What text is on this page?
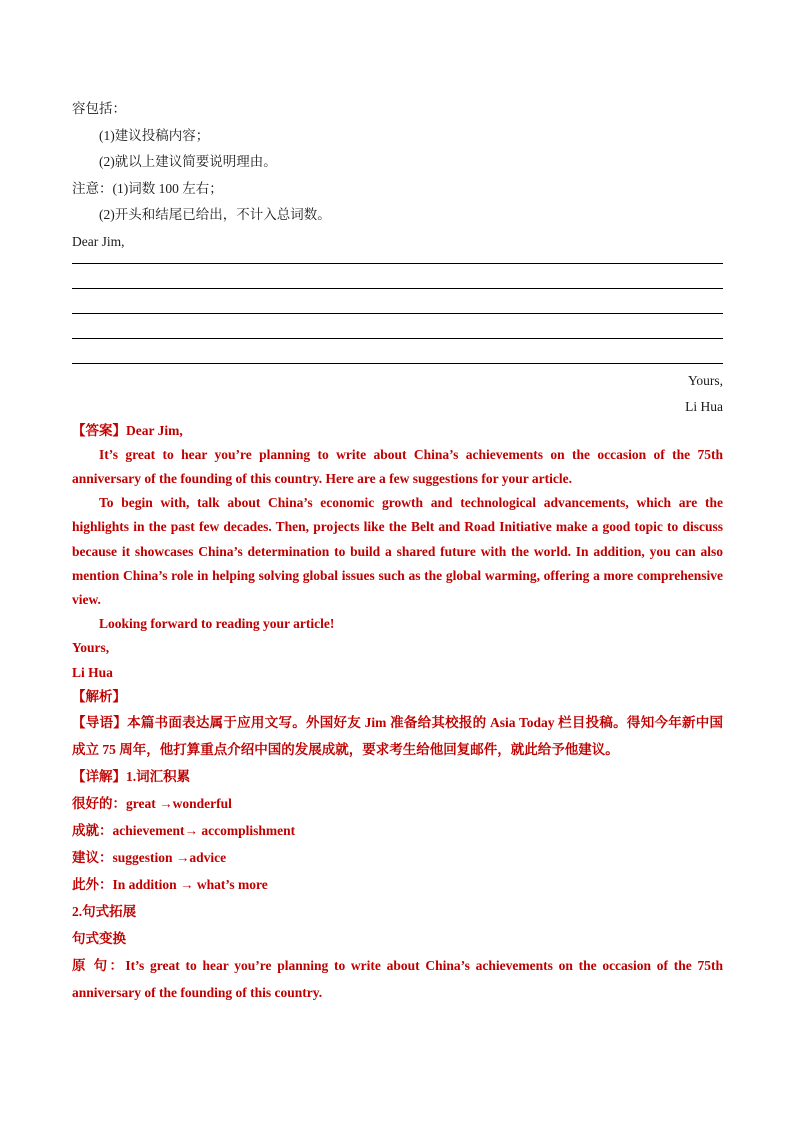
容包括：
(1)建议投稿内容；
(2)就以上建议简要说明理由。
注意：(1)词数 100 左右；
(2)开头和结尾已给出，不计入总词数。
Dear Jim,
Yours,
Li Hua
【答案】Dear Jim,

It’s great to hear you’re planning to write about China’s achievements on the occasion of the 75th anniversary of the founding of this country. Here are a few suggestions for your article.

To begin with, talk about China’s economic growth and technological advancements, which are the highlights in the past few decades. Then, projects like the Belt and Road Initiative make a good topic to discuss because it showcases China’s determination to build a shared future with the world. In addition, you can also mention China’s role in helping solving global issues such as the global warming, offering a more comprehensive view.

Looking forward to reading your article!

Yours,
Li Hua
【解析】

【导语】本篇书面表达属于应用文写。外国好友 Jim 准备给其校报的 Asia Today 栏目投稿。得知今年新中国成立 75 周年，他打算重点介绍中国的发展成就，要求考生给他回复邮件，就此给予他建议。

【详解】1.词汇积累
很好的：great →wonderful
成就：achievement→ accomplishment
建议：suggestion →advice
此外：In addition → what’s more
2.句式拓展
句式变换

原 句：It’s great to hear you’re planning to write about China’s achievements on the occasion of the 75th anniversary of the founding of this country.
